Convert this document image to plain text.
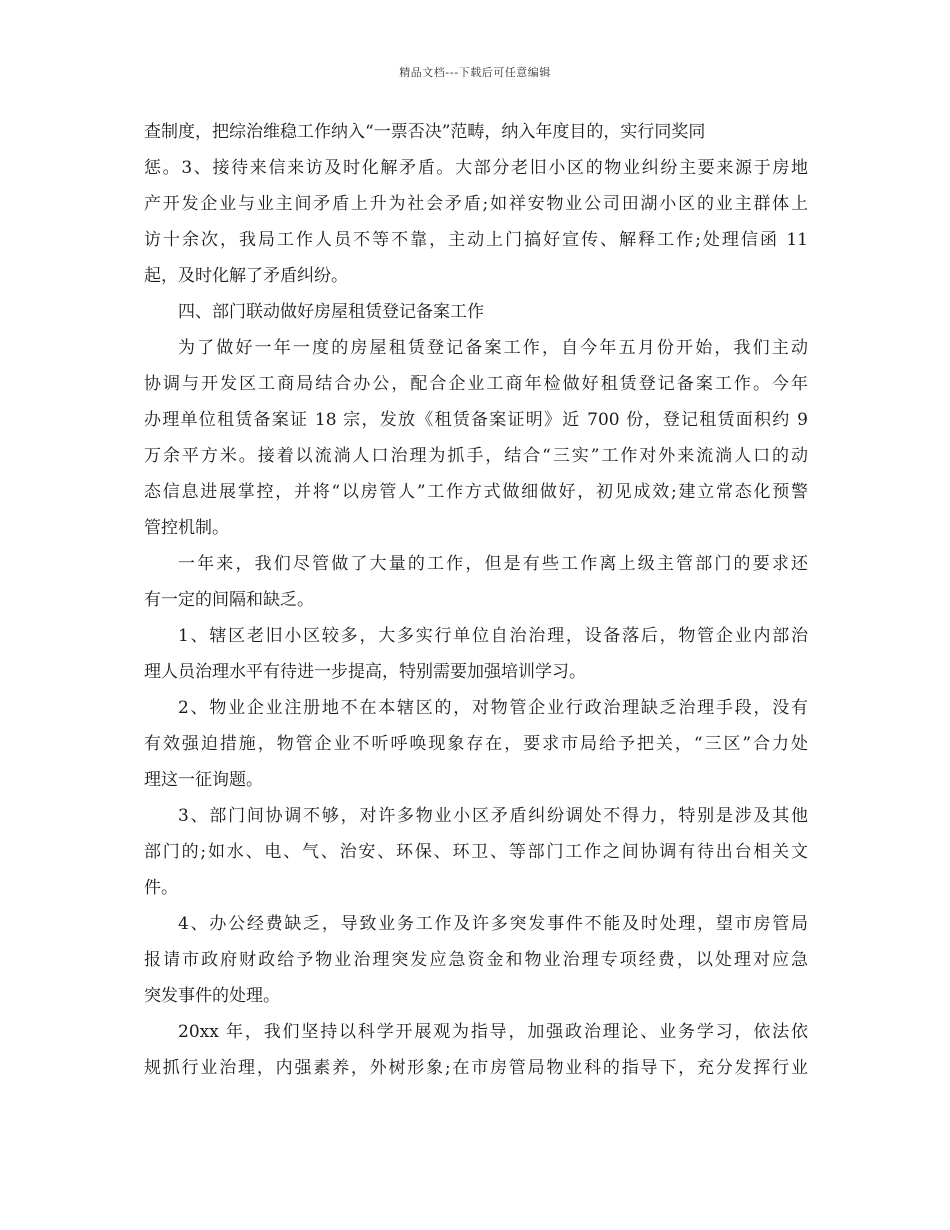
精品文档---下载后可任意编辑
查制度，把综治维稳工作纳入“一票否决”范畴，纳入年度目的，实行同奖同
惩。3、接待来信来访及时化解矛盾。大部分老旧小区的物业纠纷主要来源于房地
产开发企业与业主间矛盾上升为社会矛盾;如祥安物业公司田湖小区的业主群体上
访十余次，我局工作人员不等不靠，主动上门搞好宣传、解释工作;处理信函 11
起，及时化解了矛盾纠纷。
四、部门联动做好房屋租赁登记备案工作
为了做好一年一度的房屋租赁登记备案工作，自今年五月份开始，我们主动
协调与开发区工商局结合办公，配合企业工商年检做好租赁登记备案工作。今年
办理单位租赁备案证 18 宗，发放《租赁备案证明》近 700 份，登记租赁面积约 9
万余平方米。接着以流淌人口治理为抓手，结合“三实”工作对外来流淌人口的动
态信息进展掌控，并将“以房管人”工作方式做细做好，初见成效;建立常态化预警
管控机制。
一年来，我们尽管做了大量的工作，但是有些工作离上级主管部门的要求还
有一定的间隔和缺乏。
1、辖区老旧小区较多，大多实行单位自治治理，设备落后，物管企业内部治
理人员治理水平有待进一步提高，特别需要加强培训学习。
2、物业企业注册地不在本辖区的，对物管企业行政治理缺乏治理手段，没有
有效强迫措施，物管企业不听呼唤现象存在，要求市局给予把关，“三区”合力处
理这一征询题。
3、部门间协调不够，对许多物业小区矛盾纠纷调处不得力，特别是涉及其他
部门的;如水、电、气、治安、环保、环卫、等部门工作之间协调有待出台相关文
件。
4、办公经费缺乏，导致业务工作及许多突发事件不能及时处理，望市房管局
报请市政府财政给予物业治理突发应急资金和物业治理专项经费，以处理对应急
突发事件的处理。
20xx 年，我们坚持以科学开展观为指导，加强政治理论、业务学习，依法依
规抓行业治理，内强素养，外树形象;在市房管局物业科的指导下，充分发挥行业
